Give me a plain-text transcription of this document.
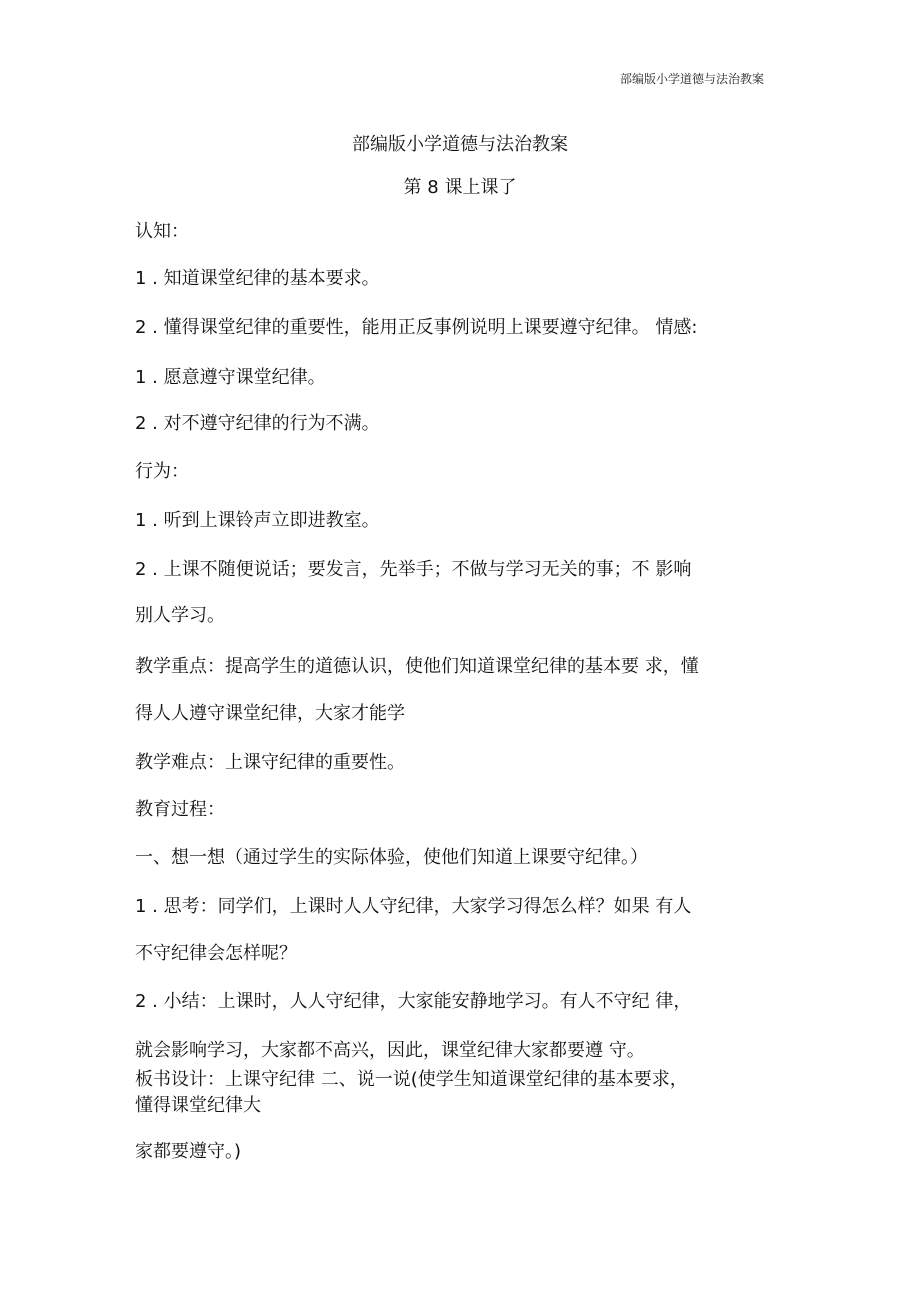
部编版小学道德与法治教案
部编版小学道德与法治教案
第 8 课上课了
认知：
1 . 知道课堂纪律的基本要求。
2 . 懂得课堂纪律的重要性，能用正反事例说明上课要遵守纪律。 情感:
1 . 愿意遵守课堂纪律。
2 . 对不遵守纪律的行为不满。
行为：
1 . 听到上课铃声立即进教室。
2 . 上课不随便说话；要发言，先举手；不做与学习无关的事；不 影响
别人学习。
教学重点：提高学生的道德认识，使他们知道课堂纪律的基本要 求，懂
得人人遵守课堂纪律，大家才能学
教学难点：上课守纪律的重要性。
教育过程：
一、想一想（通过学生的实际体验，使他们知道上课要守纪律。）
1 . 思考：同学们，上课时人人守纪律，大家学习得怎么样？如果 有人
不守纪律会怎样呢？
2 . 小结：上课时，人人守纪律，大家能安静地学习。有人不守纪 律，
就会影响学习，大家都不高兴，因此，课堂纪律大家都要遵 守。
板书设计：上课守纪律 二、说一说(使学生知道课堂纪律的基本要求，
懂得课堂纪律大
家都要遵守。)
